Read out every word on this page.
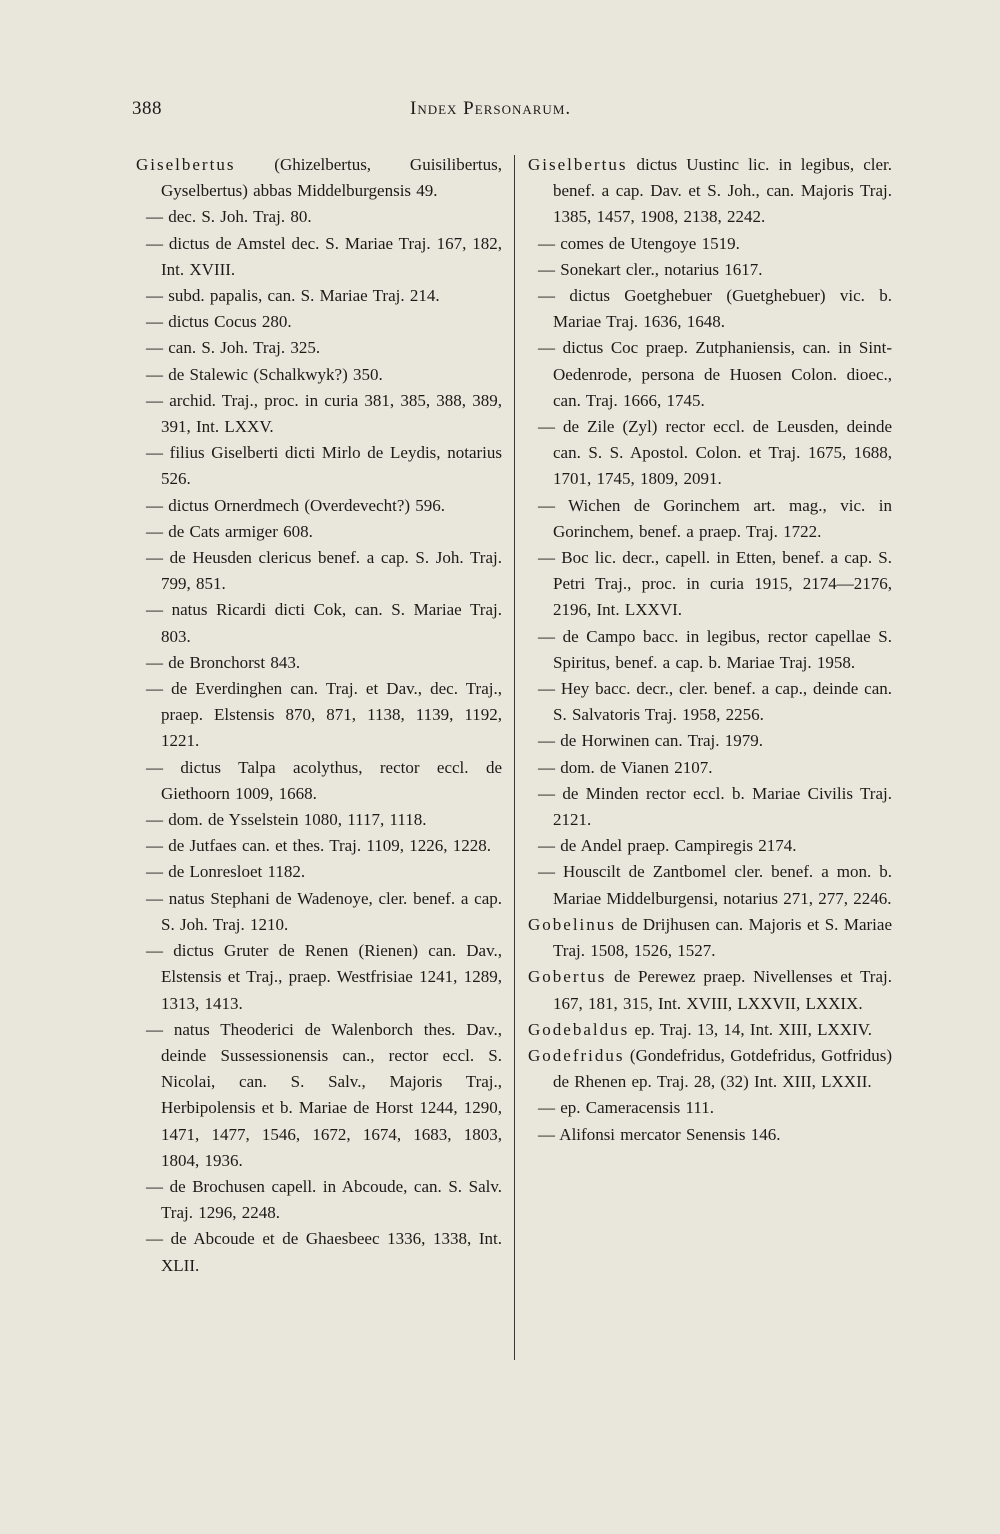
388	Index Personarum.

Giselbertus (Ghizelbertus, Guisilibertus, Gyselbertus) abbas Middelburgensis 49.

— dec. S. Joh. Traj. 80.

— dictus de Amstel dec. S. Mariae Traj. 167, 182, Int. XVIII.

— subd. papalis, can. S. Mariae Traj. 214.

— dictus Cocus 280.

— can. S. Joh. Traj. 325.

— de Stalewic (Schalkwyk?) 350.

— archid. Traj., proc. in curia 381, 385, 388, 389, 391, Int. LXXV.

— filius Giselberti dicti Mirlo de Leydis, notarius 526.

— dictus Ornerdmech (Overdevecht?) 596.

— de Cats armiger 608.

— de Heusden clericus benef. a cap. S. Joh. Traj. 799, 851.

— natus Ricardi dicti Cok, can. S. Mariae Traj. 803.

— de Bronchorst 843.

— de Everdinghen can. Traj. et Dav., dec. Traj., praep. Elstensis 870, 871, 1138, 1139, 1192, 1221.

— dictus Talpa acolythus, rector eccl. de Giethoorn 1009, 1668.

— dom. de Ysselstein 1080, 1117, 1118.

— de Jutfaes can. et thes. Traj. 1109, 1226, 1228.

— de Lonresloet 1182.

— natus Stephani de Wadenoye, cler. benef. a cap. S. Joh. Traj. 1210.

— dictus Gruter de Renen (Rienen) can. Dav., Elstensis et Traj., praep. Westfrisiae 1241, 1289, 1313, 1413.

— natus Theoderici de Walenborch thes. Dav., deinde Sussessionensis can., rector eccl. S. Nicolai, can. S. Salv., Majoris Traj., Herbipolensis et b. Mariae de Horst 1244, 1290, 1471, 1477, 1546, 1672, 1674, 1683, 1803, 1804, 1936.

— de Brochusen capell. in Abcoude, can. S. Salv. Traj. 1296, 2248.

— de Abcoude et de Ghaesbeec 1336, 1338, Int. XLII.

Giselbertus dictus Uustinc lic. in legibus, cler. benef. a cap. Dav. et S. Joh., can. Majoris Traj. 1385, 1457, 1908, 2138, 2242.

— comes de Utengoye 1519.

— Sonekart cler., notarius 1617.

— dictus Goetghebuer (Guetghebuer) vic. b. Mariae Traj. 1636, 1648.

— dictus Coc praep. Zutphaniensis, can. in Sint-Oedenrode, persona de Huosen Colon. dioec., can. Traj. 1666, 1745.

— de Zile (Zyl) rector eccl. de Leusden, deinde can. S. S. Apostol. Colon. et Traj. 1675, 1688, 1701, 1745, 1809, 2091.

— Wichen de Gorinchem art. mag., vic. in Gorinchem, benef. a praep. Traj. 1722.

— Boc lic. decr., capell. in Etten, benef. a cap. S. Petri Traj., proc. in curia 1915, 2174—2176, 2196, Int. LXXVI.

— de Campo bacc. in legibus, rector capellae S. Spiritus, benef. a cap. b. Mariae Traj. 1958.

— Hey bacc. decr., cler. benef. a cap., deinde can. S. Salvatoris Traj. 1958, 2256.

— de Horwinen can. Traj. 1979.

— dom. de Vianen 2107.

— de Minden rector eccl. b. Mariae Civilis Traj. 2121.

— de Andel praep. Campiregis 2174.

— Houscilt de Zantbomel cler. benef. a mon. b. Mariae Middelburgensi, notarius 271, 277, 2246.

Gobelinus de Drijhusen can. Majoris et S. Mariae Traj. 1508, 1526, 1527.

Gobertus de Perewez praep. Nivellenses et Traj. 167, 181, 315, Int. XVIII, LXXVII, LXXIX.

Godebaldus ep. Traj. 13, 14, Int. XIII, LXXIV.

Godefridus (Gondefridus, Gotdefridus, Gotfridus) de Rhenen ep. Traj. 28, (32) Int. XIII, LXXII.

— ep. Cameracensis 111.

— Alifonsi mercator Senensis 146.
